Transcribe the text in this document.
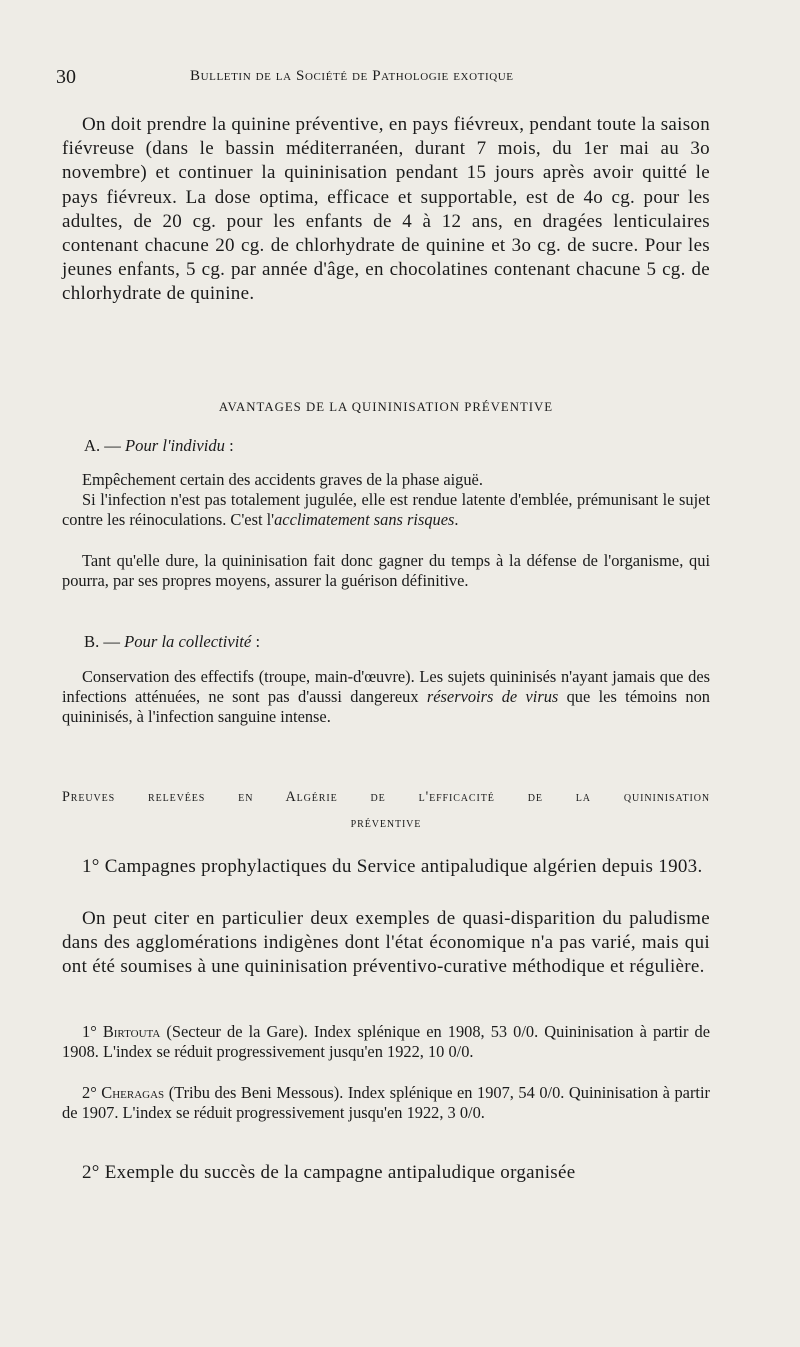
30	Bulletin de la Société de Pathologie exotique

On doit prendre la quinine préventive, en pays fiévreux, pendant toute la saison fiévreuse (dans le bassin méditerranéen, durant 7 mois, du 1er mai au 3o novembre) et continuer la quininisation pendant 15 jours après avoir quitté le pays fiévreux. La dose optima, efficace et supportable, est de 4o cg. pour les adultes, de 20 cg. pour les enfants de 4 à 12 ans, en dragées lenticulaires contenant chacune 20 cg. de chlorhydrate de quinine et 3o cg. de sucre. Pour les jeunes enfants, 5 cg. par année d'âge, en chocolatines contenant chacune 5 cg. de chlorhydrate de quinine.

AVANTAGES DE LA QUININISATION PRÉVENTIVE
A. — Pour l'individu :

Empêchement certain des accidents graves de la phase aiguë.

Si l'infection n'est pas totalement jugulée, elle est rendue latente d'emblée, prémunisant le sujet contre les réinoculations. C'est l'acclimatement sans risques.

Tant qu'elle dure, la quininisation fait donc gagner du temps à la défense de l'organisme, qui pourra, par ses propres moyens, assurer la guérison définitive.

B. — Pour la collectivité :

Conservation des effectifs (troupe, main-d'œuvre). Les sujets quininisés n'ayant jamais que des infections atténuées, ne sont pas d'aussi dangereux réservoirs de virus que les témoins non quininisés, à l'infection sanguine intense.

Preuves relevées en Algérie de l'efficacité de la quininisation
préventive

1° Campagnes prophylactiques du Service antipaludique algérien depuis 1903.

On peut citer en particulier deux exemples de quasi-disparition du paludisme dans des agglomérations indigènes dont l'état économique n'a pas varié, mais qui ont été soumises à une quininisation préventivo-curative méthodique et régulière.

1° Birtouta (Secteur de la Gare). Index splénique en 1908, 53 0/0. Quininisation à partir de 1908. L'index se réduit progressivement jusqu'en 1922, 10 0/0.

2° Cheragas (Tribu des Beni Messous). Index splénique en 1907, 54 0/0. Quininisation à partir de 1907. L'index se réduit progressivement jusqu'en 1922, 3 0/0.

2° Exemple du succès de la campagne antipaludique organisée
